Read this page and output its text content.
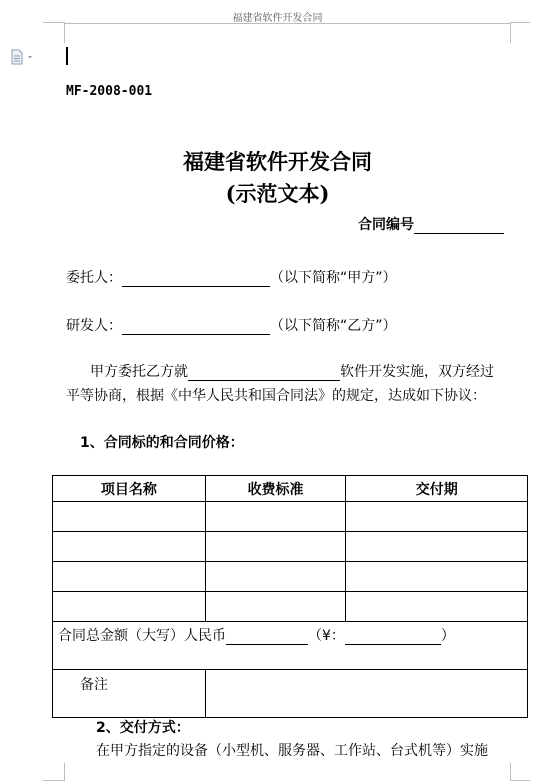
福建省软件开发合同
MF-2008-001
福建省软件开发合同
(示范文本)
合同编号
委托人：	（以下简称“甲方”）
研发人：	（以下简称“乙方”）
甲方委托乙方就	软件开发实施，双方经过
平等协商，根据《中华人民共和国合同法》的规定，达成如下协议：
1、合同标的和合同价格：
项目名称	收费标准	交付期

合同总金额（大写）人民币 （¥： ）		
备注		
2、交付方式：
在甲方指定的设备（小型机、服务器、工作站、台式机等）实施
